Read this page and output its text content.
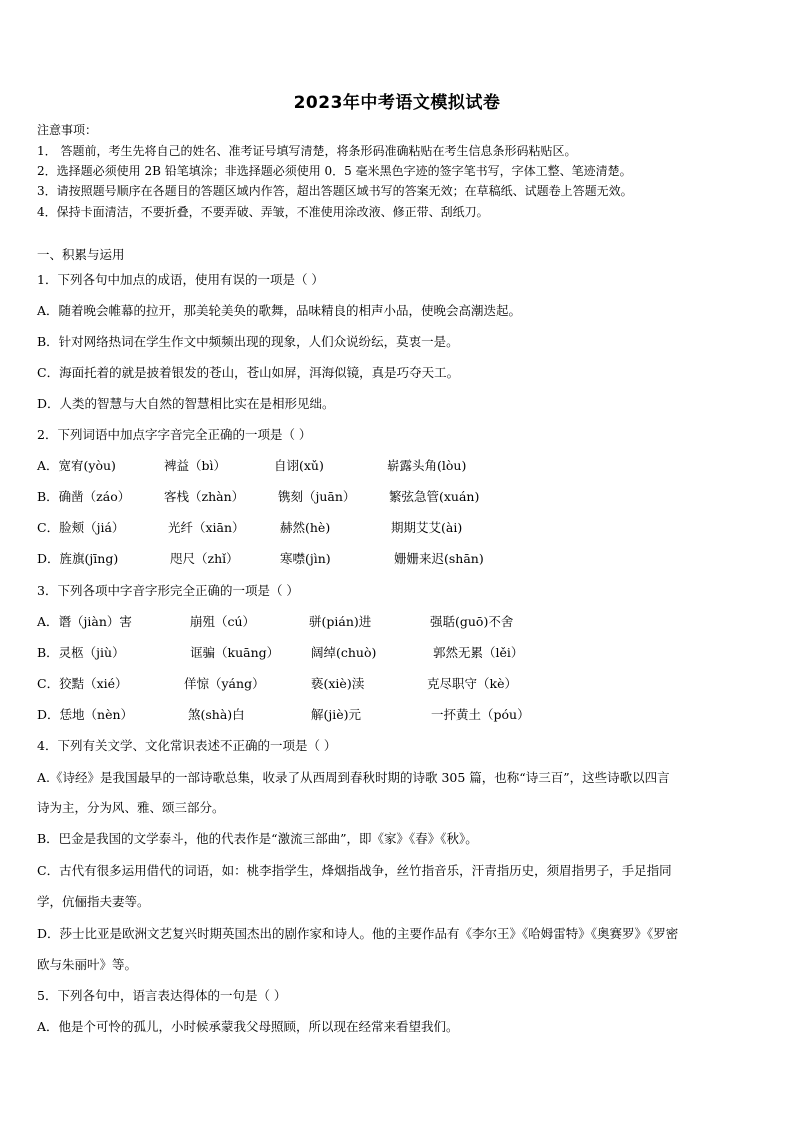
2023年中考语文模拟试卷
注意事项：
1． 答题前，考生先将自己的姓名、准考证号填写清楚，将条形码准确粘贴在考生信息条形码粘贴区。
2．选择题必须使用 2B 铅笔填涂；非选择题必须使用 0．5 毫米黑色字迹的签字笔书写，字体工整、笔迹清楚。
3．请按照题号顺序在各题目的答题区域内作答，超出答题区域书写的答案无效；在草稿纸、试题卷上答题无效。
4．保持卡面清洁，不要折叠，不要弄破、弄皱，不准使用涂改液、修正带、刮纸刀。
一、积累与运用
1．下列各句中加点的成语，使用有误的一项是（ ）
A．随着晚会帷幕的拉开，那美轮美奂的歌舞，品味精良的相声小品，使晚会高潮迭起。
B．针对网络热词在学生作文中频频出现的现象，人们众说纷纭，莫衷一是。
C．海面托着的就是披着银发的苍山，苍山如屏，洱海似镜，真是巧夺天工。
D．人类的智慧与大自然的智慧相比实在是相形见绌。
2．下列词语中加点字字音完全正确的一项是（ ）
A．宽宥(yòu)	裨益（bì）	自诩(xǔ)	崭露头角(lòu)
B．确凿（záo）	客栈（zhàn）	镌刻（juān）	繁弦急管(xuán)
C．脸颊（jiá）	光纤（xiān）	赫然(hè)	期期艾艾(ài)
D．旌旗(jīng)	咫尺（zhǐ）	寒噤(jìn)	姗姗来迟(shān)
3．下列各项中字音字形完全正确的一项是（ ）
A．谮（jiàn）害	崩殂（cú）	骈(pián)进	强聒(guō)不舍
B．灵柩（jiù）	诓骗（kuāng）	阔绰(chuò)	郭然无累（lěi）
C．狡黠（xié）	佯惊（yáng）	亵(xiè)渎	克尽职守（kè）
D．恁地（nèn）	煞(shà)白	解(jiè)元	一抔黄土（póu）
4．下列有关文学、文化常识表述不正确的一项是（ ）
A.《诗经》是我国最早的一部诗歌总集，收录了从西周到春秋时期的诗歌 305 篇，也称“诗三百”，这些诗歌以四言
诗为主，分为风、雅、颂三部分。
B．巴金是我国的文学泰斗，他的代表作是“激流三部曲”，即《家》《春》《秋》。
C．古代有很多运用借代的词语，如：桃李指学生，烽烟指战争，丝竹指音乐，汗青指历史，须眉指男子，手足指同
学，伉俪指夫妻等。
D．莎士比亚是欧洲文艺复兴时期英国杰出的剧作家和诗人。他的主要作品有《李尔王》《哈姆雷特》《奥赛罗》《罗密
欧与朱丽叶》等。
5．下列各句中，语言表达得体的一句是（ ）
A．他是个可怜的孤儿，小时候承蒙我父母照顾，所以现在经常来看望我们。
